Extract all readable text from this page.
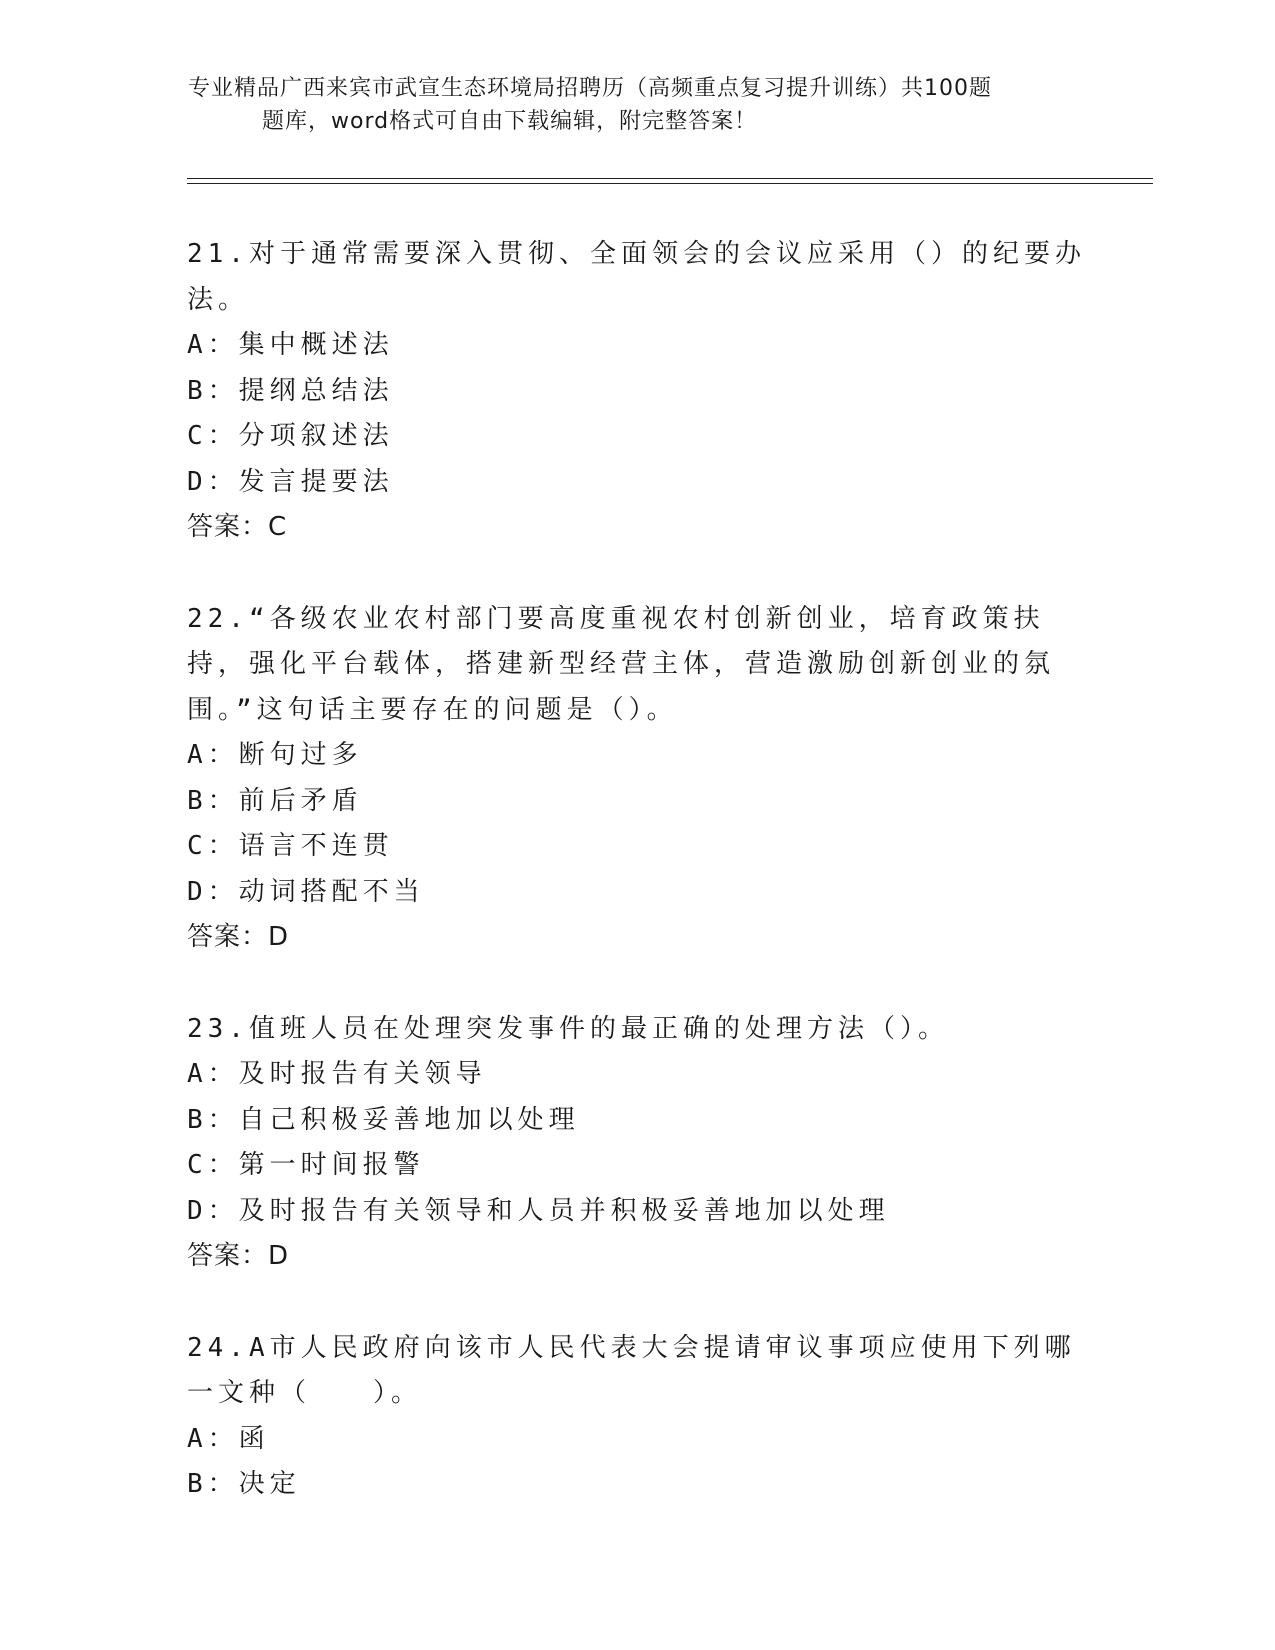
专业精品广西来宾市武宣生态环境局招聘历（高频重点复习提升训练）共100题
题库，word格式可自由下载编辑，附完整答案！

21.对于通常需要深入贯彻、全面领会的会议应采用（）的纪要办法。

A：集中概述法

B：提纲总结法

C：分项叙述法

D：发言提要法

答案：C

22.“各级农业农村部门要高度重视农村创新创业，培育政策扶持，强化平台载体，搭建新型经营主体，营造激励创新创业的氛围。”这句话主要存在的问题是（）。

A：断句过多

B：前后矛盾

C：语言不连贯

D：动词搭配不当

答案：D

23.值班人员在处理突发事件的最正确的处理方法（）。

A：及时报告有关领导

B：自己积极妥善地加以处理

C：第一时间报警

D：及时报告有关领导和人员并积极妥善地加以处理

答案：D

24.A市人民政府向该市人民代表大会提请审议事项应使用下列哪一文种（　　）。

A：函

B：决定
